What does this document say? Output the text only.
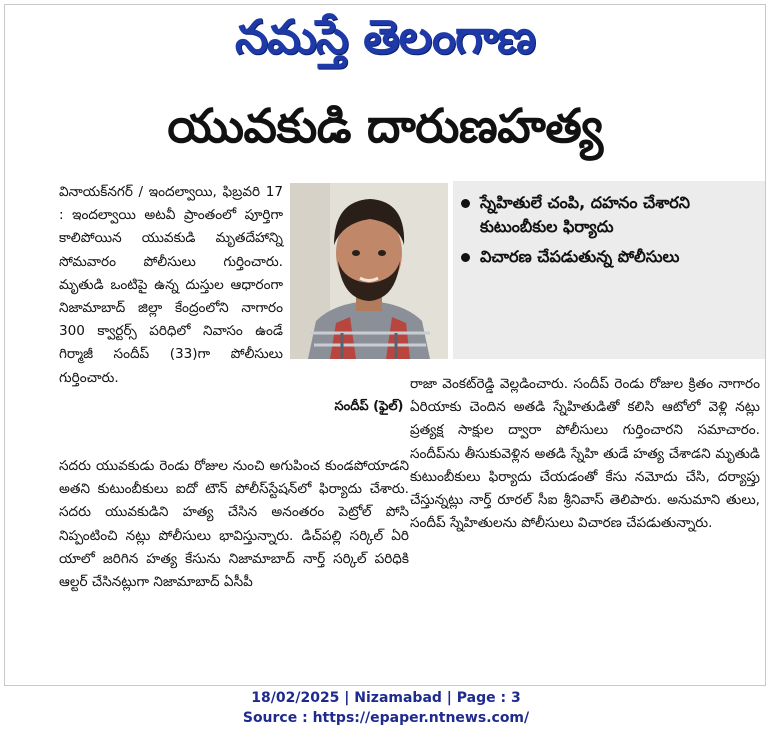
నమస్తే తెలంగాణ
యువకుడి దారుణహత్య

వినాయక్‌నగర్ / ఇందల్వాయి, ఫిబ్రవరి 17 : ఇందల్వాయి అటవీ ప్రాంతంలో పూర్తిగా కాలిపోయిన యువకుడి మృతదేహాన్ని సోమవారం పోలీసులు గుర్తించారు. మృతుడి ఒంటిపై ఉన్న దుస్తుల ఆధారంగా నిజామాబాద్ జిల్లా కేంద్రంలోని నాగారం 300 క్వార్టర్స్ పరిధిలో నివాసం ఉండే గిర్మాజీ సందీప్ (33)గా పోలీసులు గుర్తించారు.

సందీప్ (ఫైల్)
స్నేహితులే చంపి, దహనం చేశారని కుటుంబీకుల ఫిర్యాదు
విచారణ చేపడుతున్న పోలీసులు

సదరు యువకుడు రెండు రోజుల నుంచి అగుపించ కుండపోయాడని అతని కుటుంబీకులు ఐదో టౌన్ పోలీస్‌స్టేషన్‌లో ఫిర్యాదు చేశారు. సదరు యువకుడిని హత్య చేసిన అనంతరం పెట్రోల్ పోసి నిప్పంటించి నట్లు పోలీసులు భావిస్తున్నారు. డిచ్‌పల్లి సర్కిల్ ఏరి యాలో జరిగిన హత్య కేసును నిజామాబాద్ నార్త్ సర్కిల్ పరిధికి ఆల్టర్ చేసినట్లుగా నిజామాబాద్ ఏసీపీ

రాజా వెంకట్‌రెడ్డి వెల్లడించారు. సందీప్ రెండు రోజుల క్రితం నాగారం ఏరియాకు చెందిన అతడి స్నేహితుడితో కలిసి ఆటోలో వెళ్లి నట్లు ప్రత్యక్ష సాక్షుల ద్వారా పోలీసులు గుర్తించారని సమాచారం. సందీప్‌ను తీసుకువెళ్లిన అతడి స్నేహి తుడే హత్య చేశాడని మృతుడి కుటుంబీకులు ఫిర్యాదు చేయడంతో కేసు నమోదు చేసి, దర్యాప్తు చేస్తున్నట్లు నార్త్ రూరల్ సీఐ శ్రీనివాస్ తెలిపారు. అనుమాని తులు, సందీప్ స్నేహితులను పోలీసులు విచారణ చేపడుతున్నారు.

18/02/2025 | Nizamabad | Page : 3
Source : https://epaper.ntnews.com/
